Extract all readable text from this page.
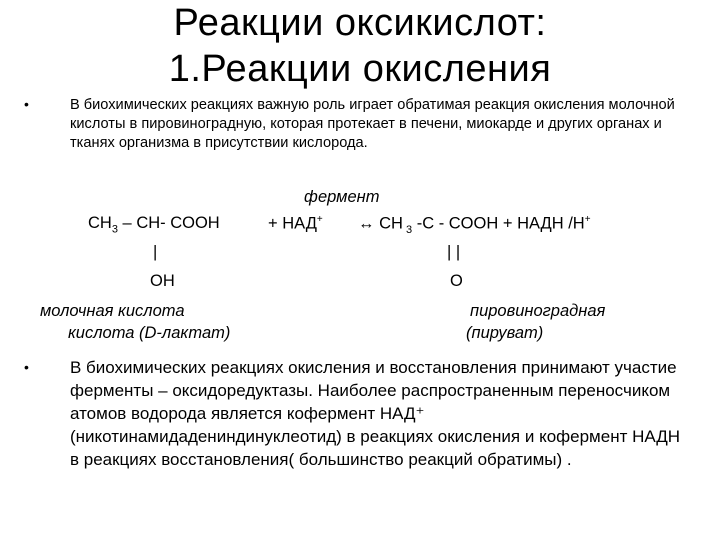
Реакции оксикислот:
1.Реакции окисления
•	В биохимических реакциях важную роль играет обратимая реакция окисления молочной кислоты в пировиноградную, которая протекает в печени, миокарде и других органах и тканях организма в присутствии кислорода.
фермент
$CH_3 - CH-$ COOH	+ НАД+ ↔ CH $_3$ -C - COOH + НАДН /Н+
|	| |
OH	O
молочная кислота
кислота (D-лактат)
пировиноградная
(пируват)
• В биохимических реакциях окисления и восстановления принимают участие ферменты – оксидоредуктазы. Наиболее распространенным переносчиком атомов водорода является кофермент НАД⁺ (никотинамидадениндинуклеотид) в реакциях окисления и кофермент НАДН в реакциях восстановления( большинство реакций обратимы) .
